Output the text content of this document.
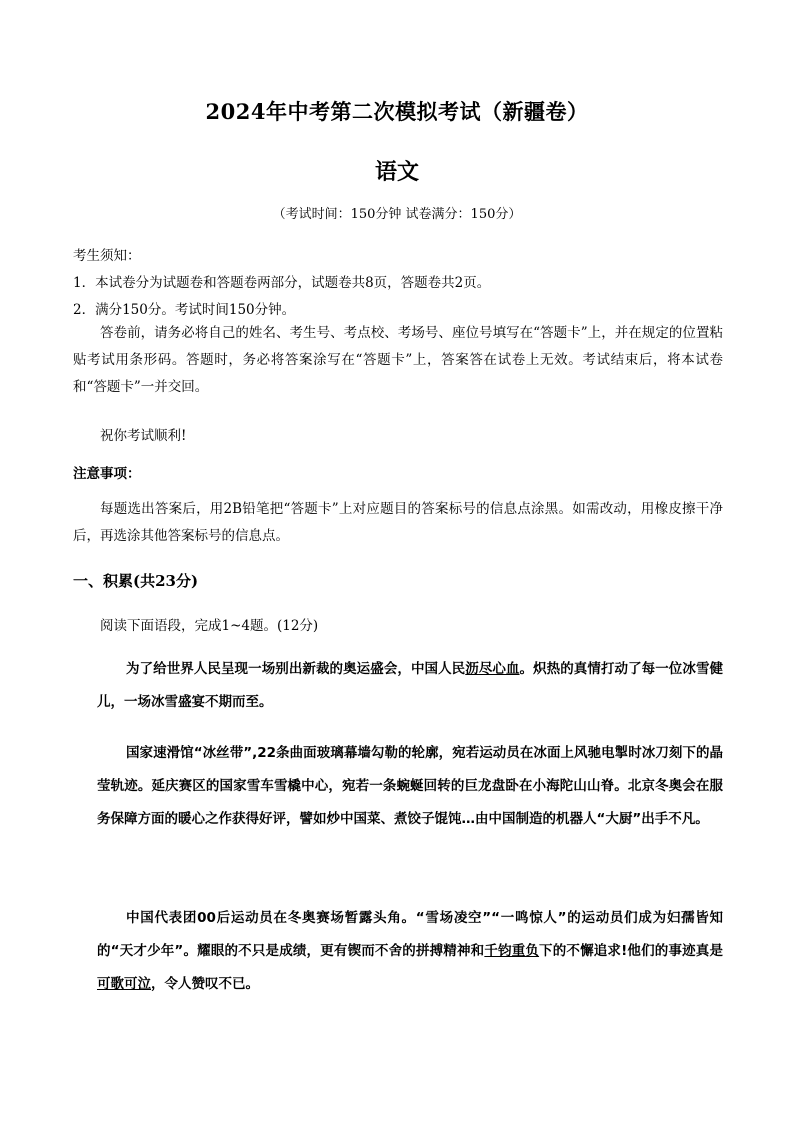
2024年中考第二次模拟考试（新疆卷）
语文

（考试时间：150分钟 试卷满分：150分）

考生须知：

1．本试卷分为试题卷和答题卷两部分，试题卷共8页，答题卷共2页。

2．满分150分。考试时间150分钟。

答卷前，请务必将自己的姓名、考生号、考点校、考场号、座位号填写在“答题卡”上，并在规定的位置粘贴考试用条形码。答题时，务必将答案涂写在“答题卡”上，答案答在试卷上无效。考试结束后，将本试卷和“答题卡”一并交回。

祝你考试顺利!

注意事项：

每题选出答案后，用2B铅笔把“答题卡”上对应题目的答案标号的信息点涂黑。如需改动，用橡皮擦干净后，再选涂其他答案标号的信息点。

一、积累(共23分)

阅读下面语段，完成1~4题。(12分)

为了给世界人民呈现一场别出新裁的奥运盛会，中国人民沥尽心血。炽热的真情打动了每一位冰雪健儿，一场冰雪盛宴不期而至。

国家速滑馆“冰丝带”,22条曲面玻璃幕墙勾勒的轮廓，宛若运动员在冰面上风驰电掣时冰刀刻下的晶莹轨迹。延庆赛区的国家雪车雪橇中心，宛若一条蜿蜒回转的巨龙盘卧在小海陀山山脊。北京冬奥会在服务保障方面的暖心之作获得好评，譬如炒中国菜、煮饺子馄饨…由中国制造的机器人“大厨”出手不凡。

中国代表团00后运动员在冬奥赛场暂露头角。“雪场凌空”“一鸣惊人”的运动员们成为妇孺皆知的“天才少年”。耀眼的不只是成绩，更有锲而不舍的拼搏精神和千钧重负下的不懈追求!他们的事迹真是可歌可泣，令人赞叹不已。
